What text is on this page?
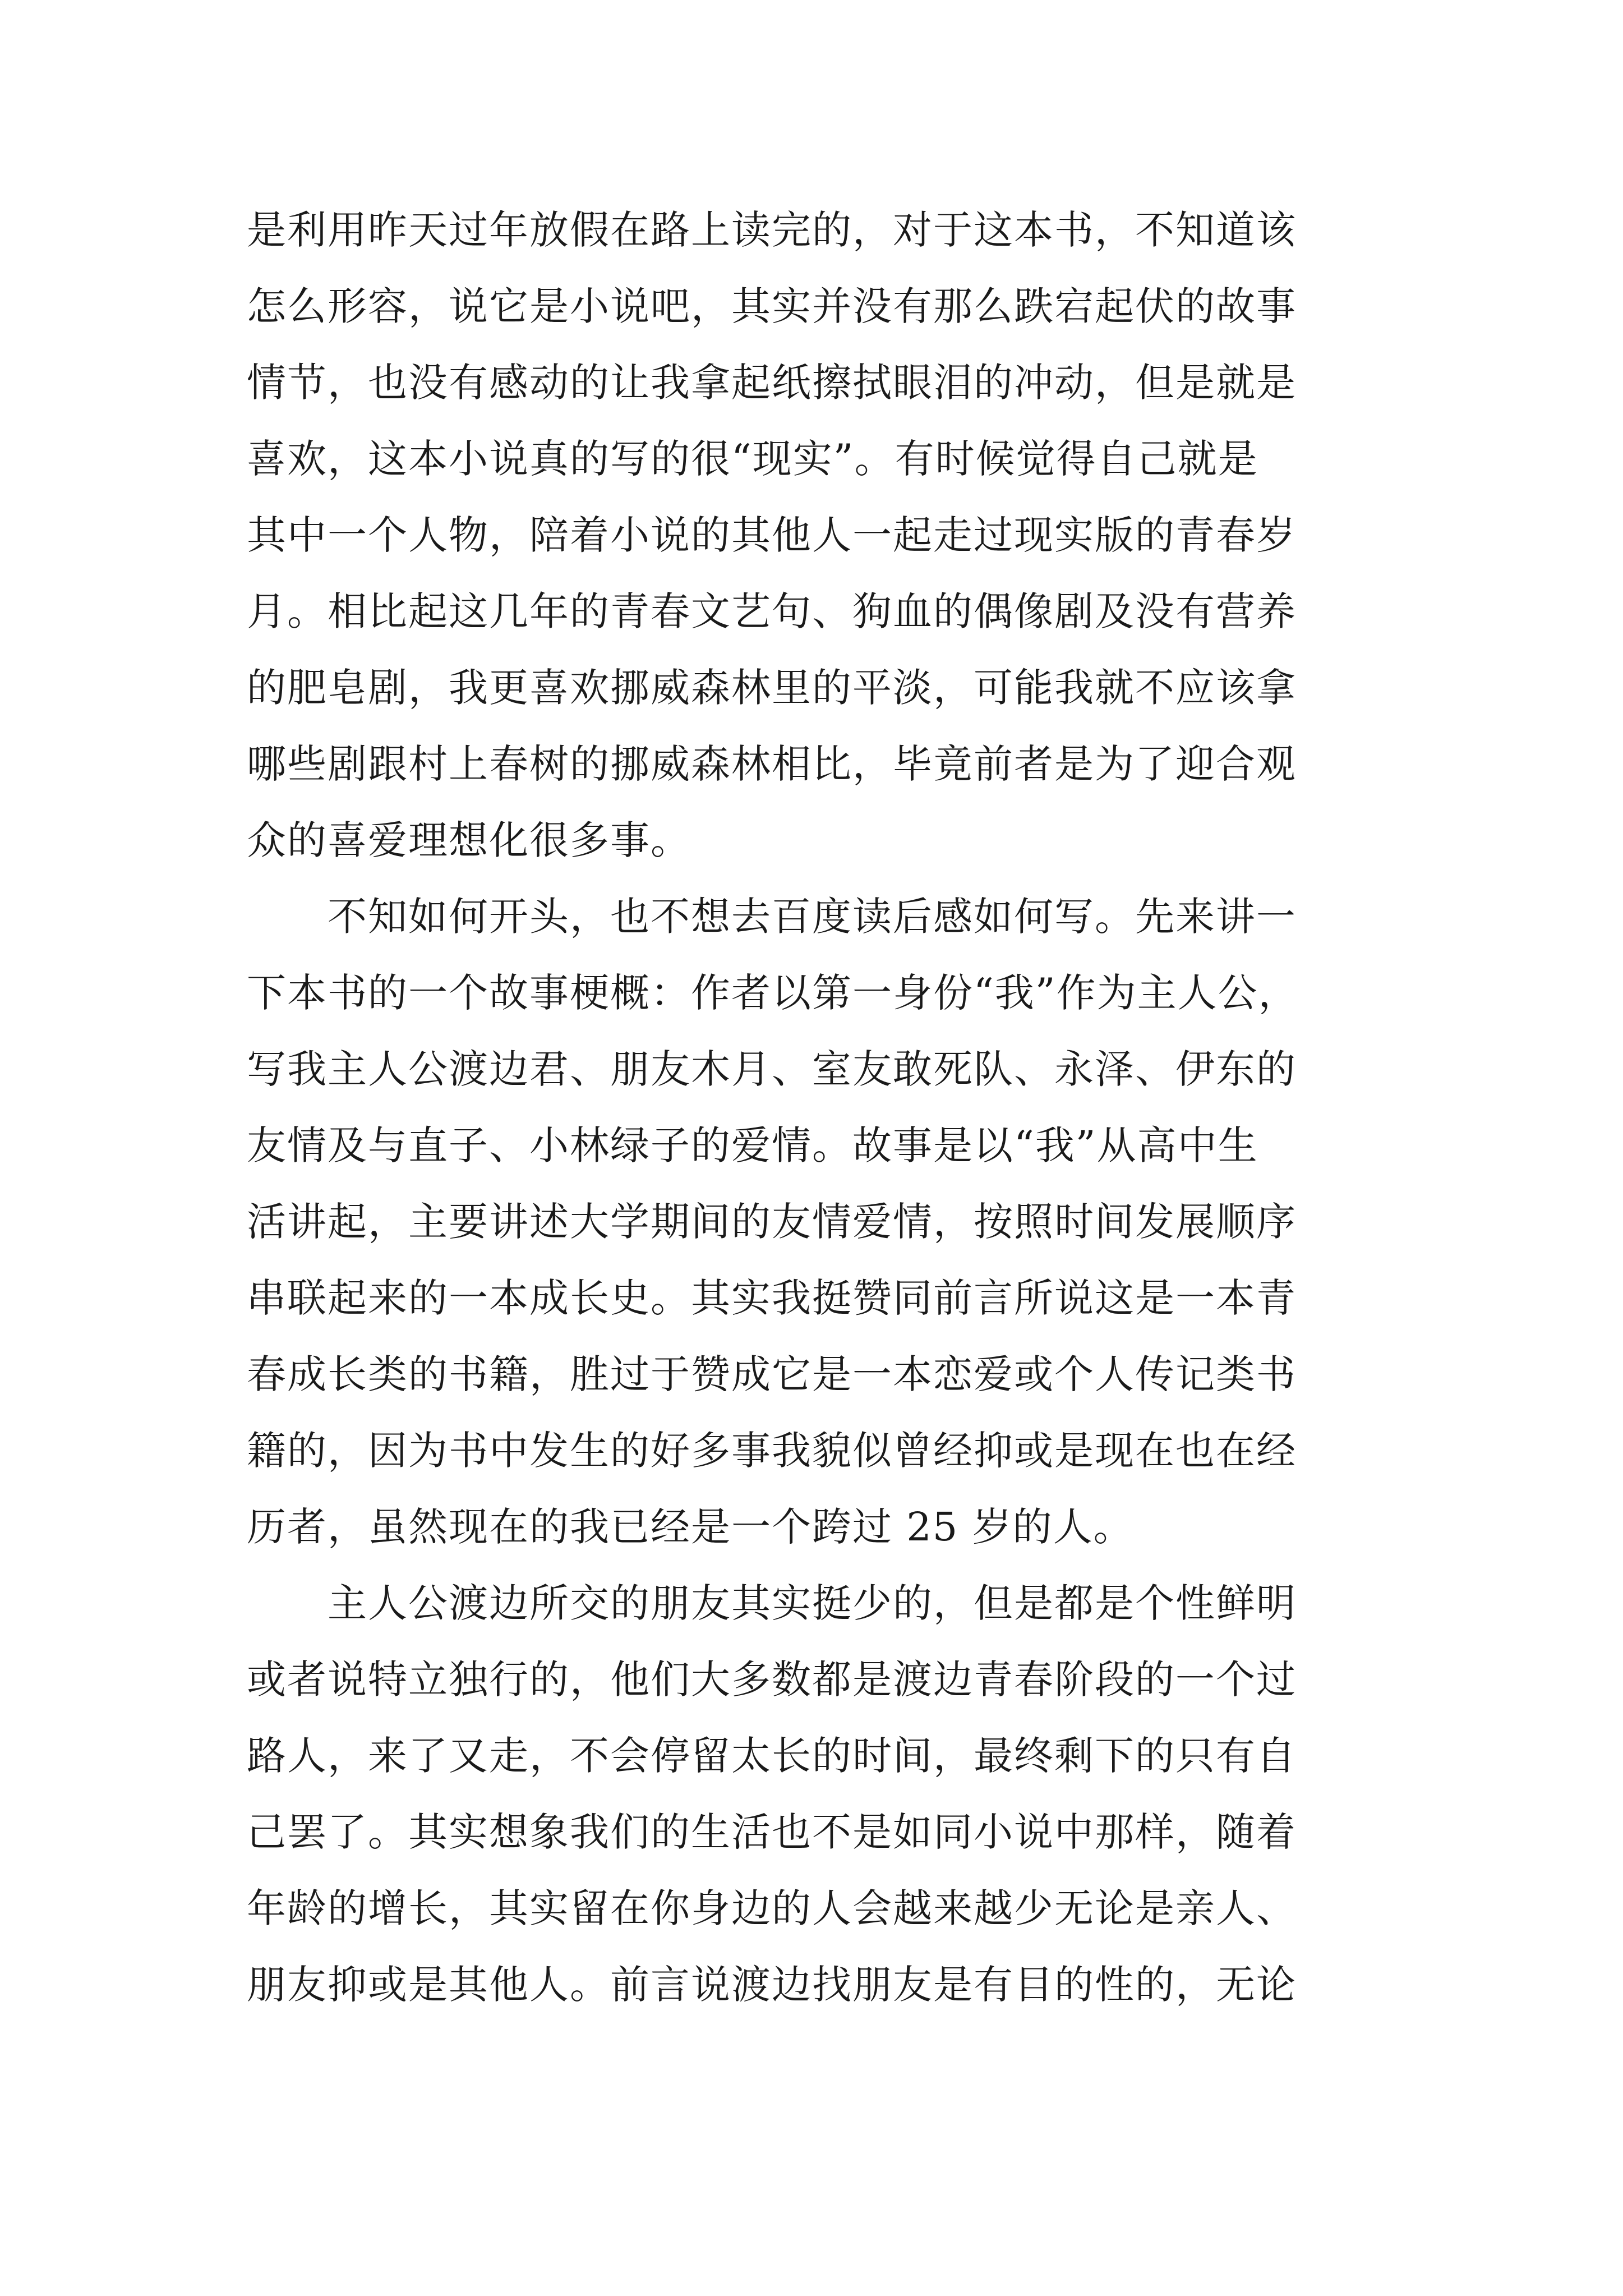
是利用昨天过年放假在路上读完的，对于这本书，不知道该
怎么形容，说它是小说吧，其实并没有那么跌宕起伏的故事
情节，也没有感动的让我拿起纸擦拭眼泪的冲动，但是就是
喜欢，这本小说真的写的很“现实”。有时候觉得自己就是
其中一个人物，陪着小说的其他人一起走过现实版的青春岁
月。相比起这几年的青春文艺句、狗血的偶像剧及没有营养
的肥皂剧，我更喜欢挪威森林里的平淡，可能我就不应该拿
哪些剧跟村上春树的挪威森林相比，毕竟前者是为了迎合观
众的喜爱理想化很多事。
　　不知如何开头，也不想去百度读后感如何写。先来讲一
下本书的一个故事梗概：作者以第一身份“我”作为主人公，
写我主人公渡边君、朋友木月、室友敢死队、永泽、伊东的
友情及与直子、小林绿子的爱情。故事是以“我”从高中生
活讲起，主要讲述大学期间的友情爱情，按照时间发展顺序
串联起来的一本成长史。其实我挺赞同前言所说这是一本青
春成长类的书籍，胜过于赞成它是一本恋爱或个人传记类书
籍的，因为书中发生的好多事我貌似曾经抑或是现在也在经
历者，虽然现在的我已经是一个跨过 25 岁的人。
　　主人公渡边所交的朋友其实挺少的，但是都是个性鲜明
或者说特立独行的，他们大多数都是渡边青春阶段的一个过
路人，来了又走，不会停留太长的时间，最终剩下的只有自
己罢了。其实想象我们的生活也不是如同小说中那样，随着
年龄的增长，其实留在你身边的人会越来越少无论是亲人、
朋友抑或是其他人。前言说渡边找朋友是有目的性的，无论
